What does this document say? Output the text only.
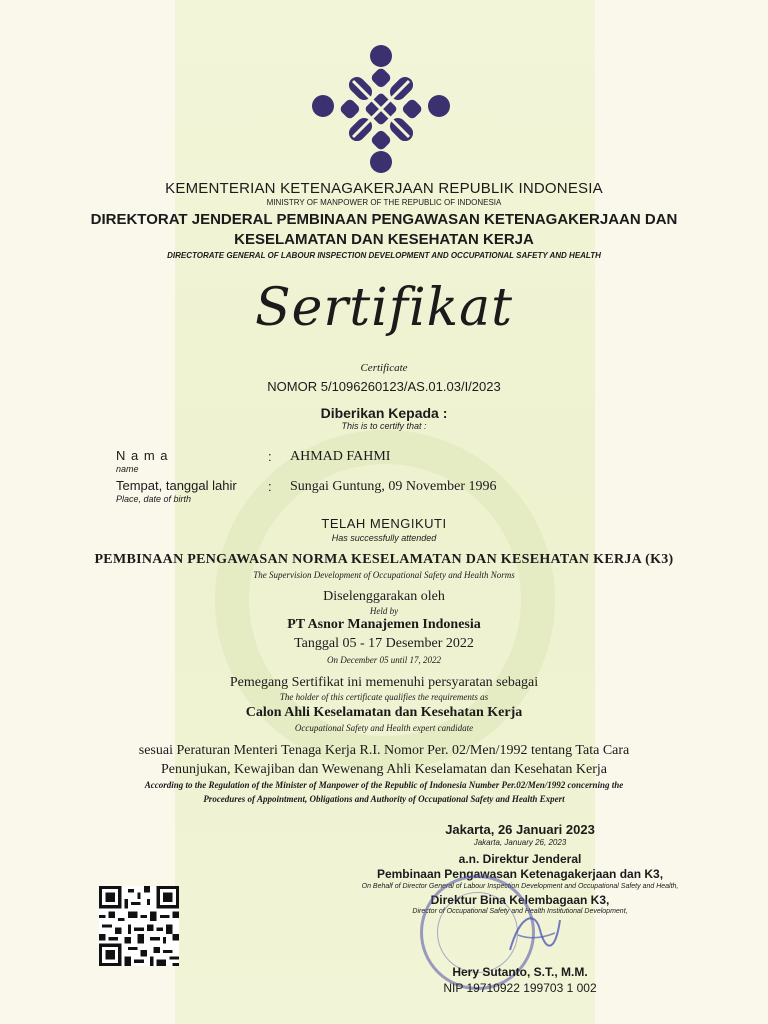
KEMENTERIAN KETENAGAKERJAAN REPUBLIK INDONESIA
MINISTRY OF MANPOWER OF THE REPUBLIC OF INDONESIA
DIREKTORAT JENDERAL PEMBINAAN PENGAWASAN KETENAGAKERJAAN DAN
KESELAMATAN DAN KESEHATAN KERJA
DIRECTORATE GENERAL OF LABOUR INSPECTION DEVELOPMENT AND OCCUPATIONAL SAFETY AND HEALTH
Sertifikat
Certificate
NOMOR 5/1096260123/AS.01.03/I/2023
Diberikan Kepada :
This is to certify that :
N a m a
name
: AHMAD FAHMI
Tempat, tanggal lahir
Place, date of birth
: Sungai Guntung, 09 November 1996
TELAH MENGIKUTI
Has successfully attended
PEMBINAAN PENGAWASAN NORMA KESELAMATAN DAN KESEHATAN KERJA (K3)
The Supervision Development of Occupational Safety and Health Norms
Diselenggarakan oleh
Held by
PT Asnor Manajemen Indonesia
Tanggal 05 - 17 Desember 2022
On December 05 until 17, 2022
Pemegang Sertifikat ini memenuhi persyaratan sebagai
The holder of this certificate qualifies the requirements as
Calon Ahli Keselamatan dan Kesehatan Kerja
Occupational Safety and Health expert candidate
sesuai Peraturan Menteri Tenaga Kerja R.I. Nomor Per. 02/Men/1992 tentang Tata Cara
Penunjukan, Kewajiban dan Wewenang Ahli Keselamatan dan Kesehatan Kerja
According to the Regulation of the Minister of Manpower of the Republic of Indonesia Number Per.02/Men/1992 concerning the
Procedures of Appointment, Obligations and Authority of Occupational Safety and Health Expert
Jakarta, 26 Januari 2023
Jakarta, January 26, 2023
a.n. Direktur Jenderal
Pembinaan Pengawasan Ketenagakerjaan dan K3,
On Behalf of Director General of Labour Inspection Development and Occupational Safety and Health,
Direktur Bina Kelembagaan K3,
Director of Occupational Safety and Health Institutional Development,
Hery Sutanto, S.T., M.M.
NIP 19710922 199703 1 002
